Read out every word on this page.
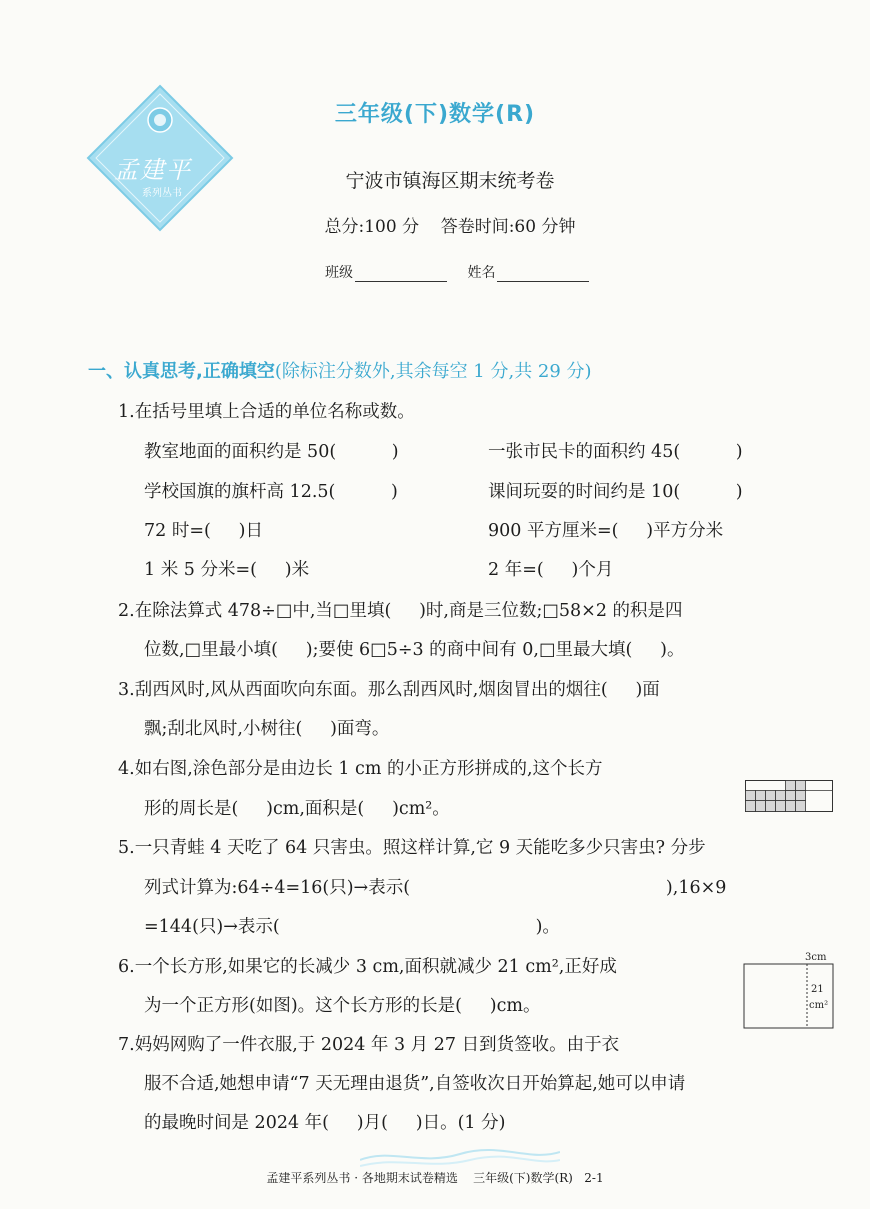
孟建平
系列丛书
三年级(下)数学(R)
宁波市镇海区期末统考卷
总分:100 分    答卷时间:60 分钟
班级	姓名
一、认真思考,正确填空(除标注分数外,其余每空 1 分,共 29 分)
1.在括号里填上合适的单位名称或数。
教室地面的面积约是 50(          )	一张市民卡的面积约 45(          )
学校国旗的旗杆高 12.5(          )	课间玩耍的时间约是 10(          )
72 时=(     )日	900 平方厘米=(     )平方分米
1 米 5 分米=(     )米	2 年=(     )个月
2.在除法算式 478÷□中,当□里填(     )时,商是三位数;□58×2 的积是四
位数,□里最小填(     );要使 6□5÷3 的商中间有 0,□里最大填(     )。
3.刮西风时,风从西面吹向东面。那么刮西风时,烟囱冒出的烟往(     )面
飘;刮北风时,小树往(     )面弯。
4.如右图,涂色部分是由边长 1 cm 的小正方形拼成的,这个长方
形的周长是(     )cm,面积是(     )cm²。
5.一只青蛙 4 天吃了 64 只害虫。照这样计算,它 9 天能吃多少只害虫? 分步
列式计算为:64÷4=16(只)→表示(                                              ),16×9
=144(只)→表示(                                              )。
6.一个长方形,如果它的长减少 3 cm,面积就减少 21 cm²,正好成
为一个正方形(如图)。这个长方形的长是(     )cm。
3cm
21
cm²
7.妈妈网购了一件衣服,于 2024 年 3 月 27 日到货签收。由于衣
服不合适,她想申请“7 天无理由退货”,自签收次日开始算起,她可以申请
的最晚时间是 2024 年(     )月(     )日。(1 分)
孟建平系列丛书 · 各地期末试卷精选    三年级(下)数学(R)   2-1
